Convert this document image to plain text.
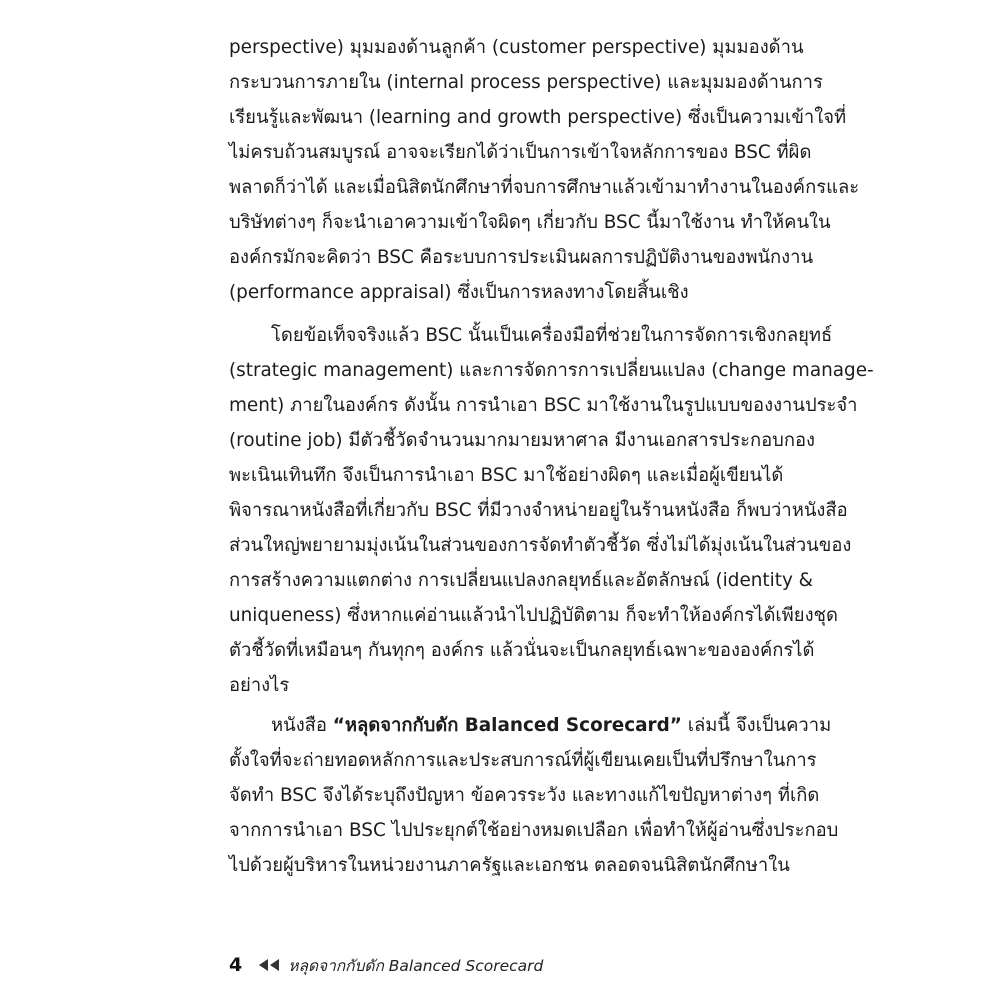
perspective) มุมมองด้านลูกค้า (customer perspective) มุมมองด้าน
กระบวนการภายใน (internal process perspective) และมุมมองด้านการ
เรียนรู้และพัฒนา (learning and growth perspective) ซึ่งเป็นความเข้าใจที่
ไม่ครบถ้วนสมบูรณ์ อาจจะเรียกได้ว่าเป็นการเข้าใจหลักการของ BSC ที่ผิด
พลาดก็ว่าได้ และเมื่อนิสิตนักศึกษาที่จบการศึกษาแล้วเข้ามาทำงานในองค์กรและ
บริษัทต่างๆ ก็จะนำเอาความเข้าใจผิดๆ เกี่ยวกับ BSC นี้มาใช้งาน ทำให้คนใน
องค์กรมักจะคิดว่า BSC คือระบบการประเมินผลการปฏิบัติงานของพนักงาน
(performance appraisal) ซึ่งเป็นการหลงทางโดยสิ้นเชิง
โดยข้อเท็จจริงแล้ว BSC นั้นเป็นเครื่องมือที่ช่วยในการจัดการเชิงกลยุทธ์
(strategic management) และการจัดการการเปลี่ยนแปลง (change manage-
ment) ภายในองค์กร ดังนั้น การนำเอา BSC มาใช้งานในรูปแบบของงานประจำ
(routine job) มีตัวชี้วัดจำนวนมากมายมหาศาล มีงานเอกสารประกอบกอง
พะเนินเทินทึก จึงเป็นการนำเอา BSC มาใช้อย่างผิดๆ และเมื่อผู้เขียนได้
พิจารณาหนังสือที่เกี่ยวกับ BSC ที่มีวางจำหน่ายอยู่ในร้านหนังสือ ก็พบว่าหนังสือ
ส่วนใหญ่พยายามมุ่งเน้นในส่วนของการจัดทำตัวชี้วัด ซึ่งไม่ได้มุ่งเน้นในส่วนของ
การสร้างความแตกต่าง การเปลี่ยนแปลงกลยุทธ์และอัตลักษณ์ (identity &
uniqueness) ซึ่งหากแค่อ่านแล้วนำไปปฏิบัติตาม ก็จะทำให้องค์กรได้เพียงชุด
ตัวชี้วัดที่เหมือนๆ กันทุกๆ องค์กร แล้วนั่นจะเป็นกลยุทธ์เฉพาะขององค์กรได้
อย่างไร
หนังสือ “หลุดจากกับดัก Balanced Scorecard” เล่มนี้ จึงเป็นความ
ตั้งใจที่จะถ่ายทอดหลักการและประสบการณ์ที่ผู้เขียนเคยเป็นที่ปรึกษาในการ
จัดทำ BSC จึงได้ระบุถึงปัญหา ข้อควรระวัง และทางแก้ไขปัญหาต่างๆ ที่เกิด
จากการนำเอา BSC ไปประยุกต์ใช้อย่างหมดเปลือก เพื่อทำให้ผู้อ่านซึ่งประกอบ
ไปด้วยผู้บริหารในหน่วยงานภาครัฐและเอกชน ตลอดจนนิสิตนักศึกษาใน
4	หลุดจากกับดัก Balanced Scorecard
